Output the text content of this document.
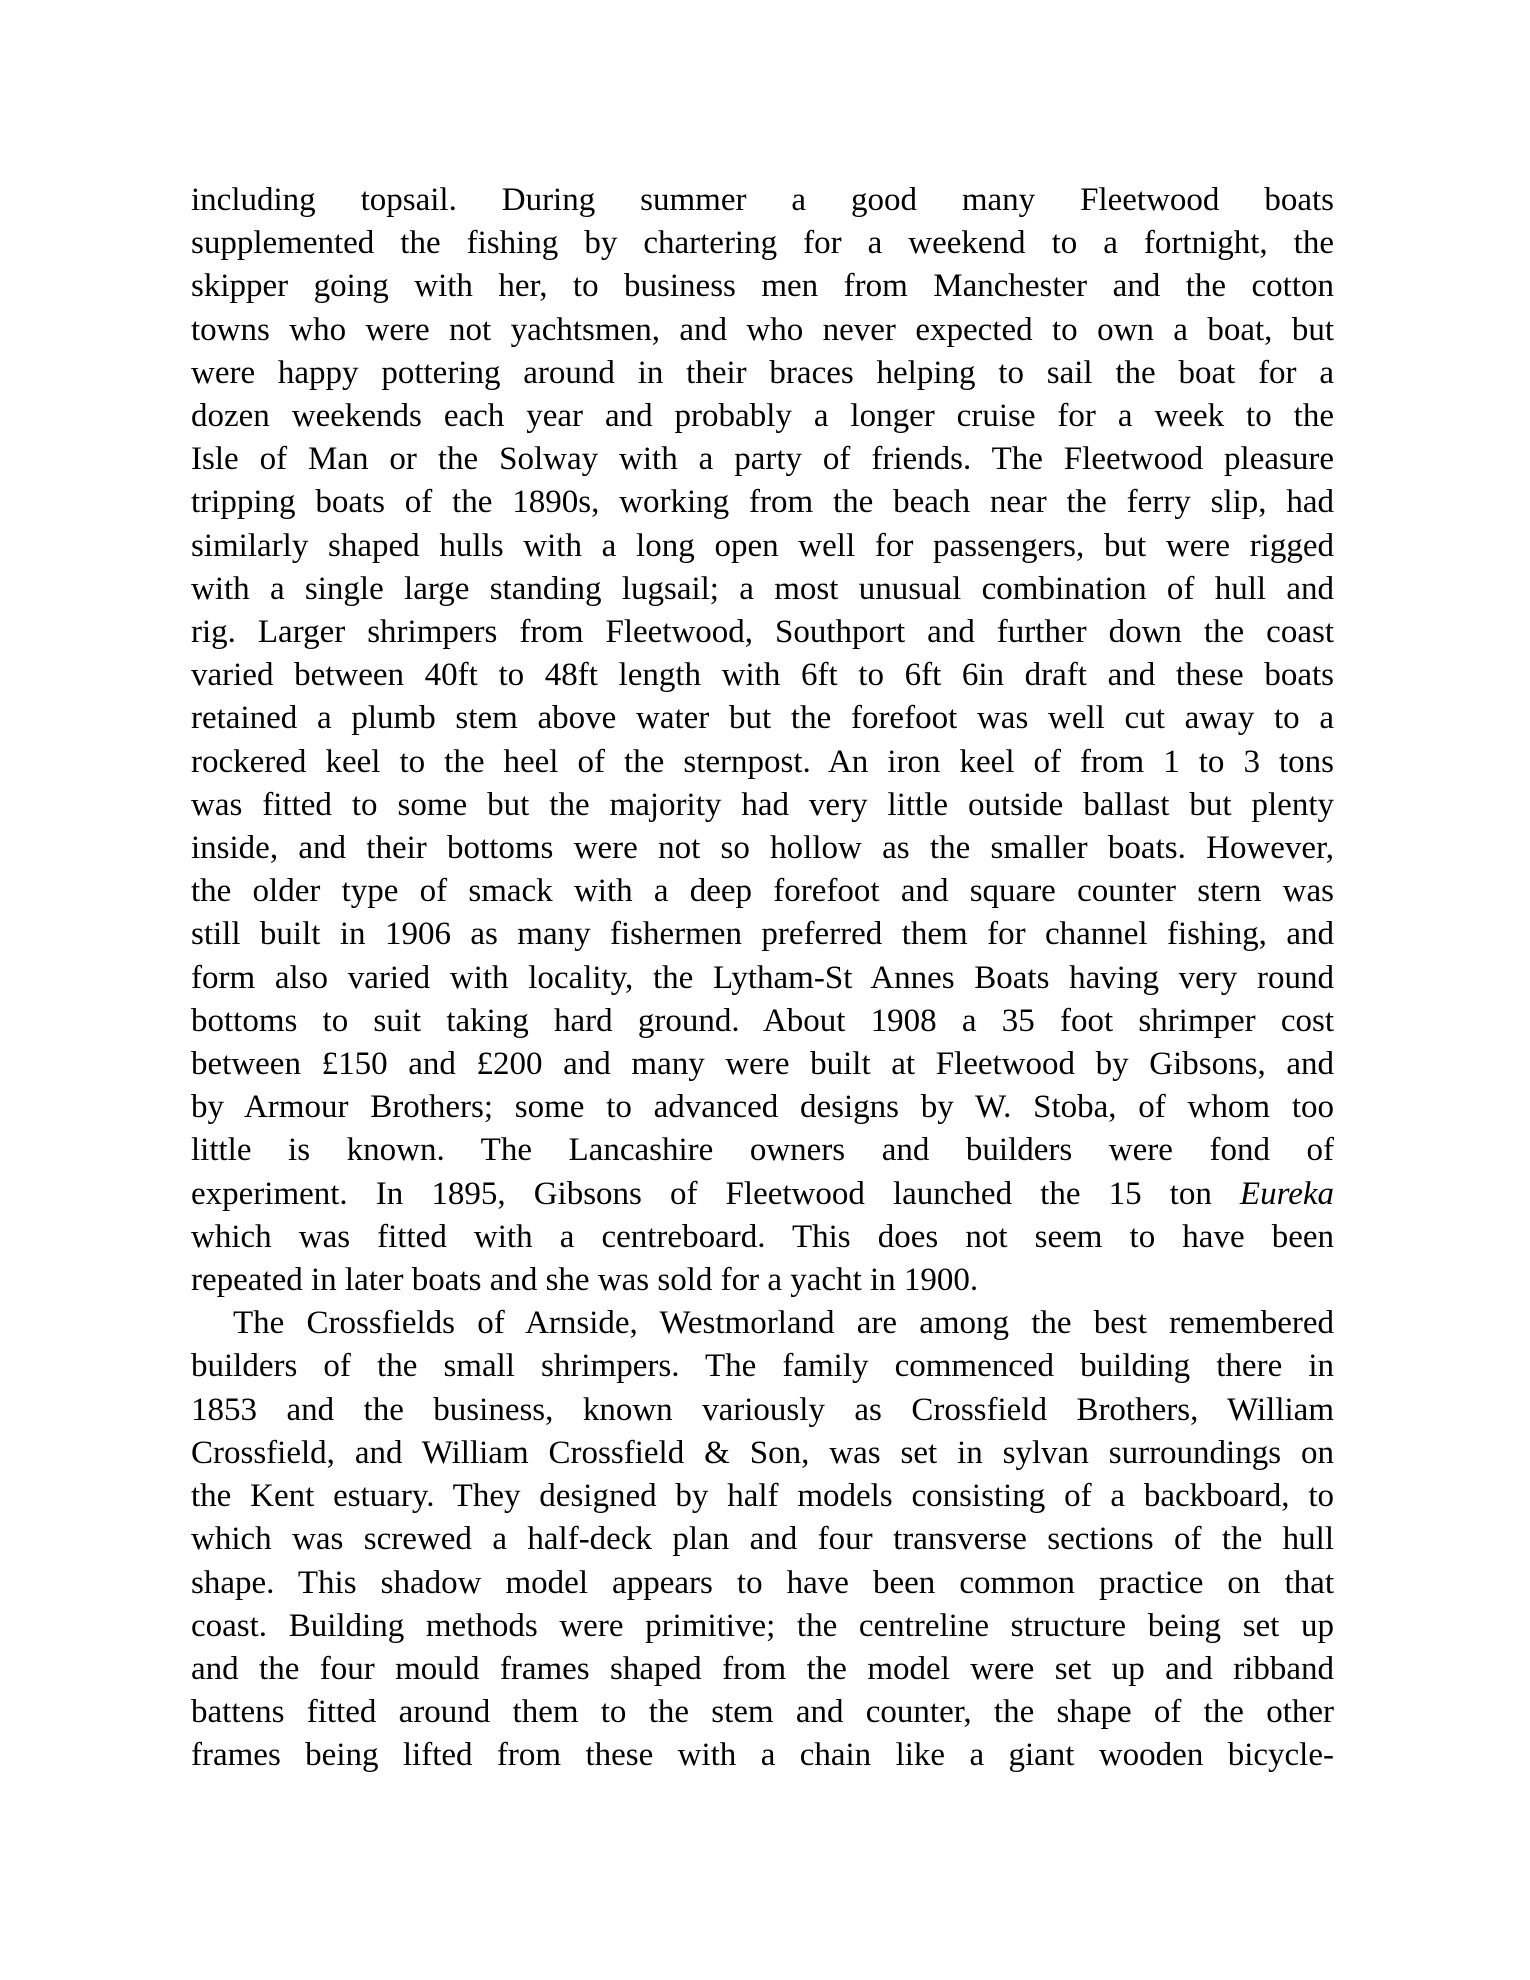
including topsail. During summer a good many Fleetwood boats
supplemented the fishing by chartering for a weekend to a fortnight, the
skipper going with her, to business men from Manchester and the cotton
towns who were not yachtsmen, and who never expected to own a boat, but
were happy pottering around in their braces helping to sail the boat for a
dozen weekends each year and probably a longer cruise for a week to the
Isle of Man or the Solway with a party of friends. The Fleetwood pleasure
tripping boats of the 1890s, working from the beach near the ferry slip, had
similarly shaped hulls with a long open well for passengers, but were rigged
with a single large standing lugsail; a most unusual combination of hull and
rig. Larger shrimpers from Fleetwood, Southport and further down the coast
varied between 40ft to 48ft length with 6ft to 6ft 6in draft and these boats
retained a plumb stem above water but the forefoot was well cut away to a
rockered keel to the heel of the sternpost. An iron keel of from 1 to 3 tons
was fitted to some but the majority had very little outside ballast but plenty
inside, and their bottoms were not so hollow as the smaller boats. However,
the older type of smack with a deep forefoot and square counter stern was
still built in 1906 as many fishermen preferred them for channel fishing, and
form also varied with locality, the Lytham-St Annes Boats having very round
bottoms to suit taking hard ground. About 1908 a 35 foot shrimper cost
between £150 and £200 and many were built at Fleetwood by Gibsons, and
by Armour Brothers; some to advanced designs by W. Stoba, of whom too
little is known. The Lancashire owners and builders were fond of
experiment. In 1895, Gibsons of Fleetwood launched the 15 ton Eureka
which was fitted with a centreboard. This does not seem to have been
repeated in later boats and she was sold for a yacht in 1900.
The Crossfields of Arnside, Westmorland are among the best remembered
builders of the small shrimpers. The family commenced building there in
1853 and the business, known variously as Crossfield Brothers, William
Crossfield, and William Crossfield & Son, was set in sylvan surroundings on
the Kent estuary. They designed by half models consisting of a backboard, to
which was screwed a half-deck plan and four transverse sections of the hull
shape. This shadow model appears to have been common practice on that
coast. Building methods were primitive; the centreline structure being set up
and the four mould frames shaped from the model were set up and ribband
battens fitted around them to the stem and counter, the shape of the other
frames being lifted from these with a chain like a giant wooden bicycle-
